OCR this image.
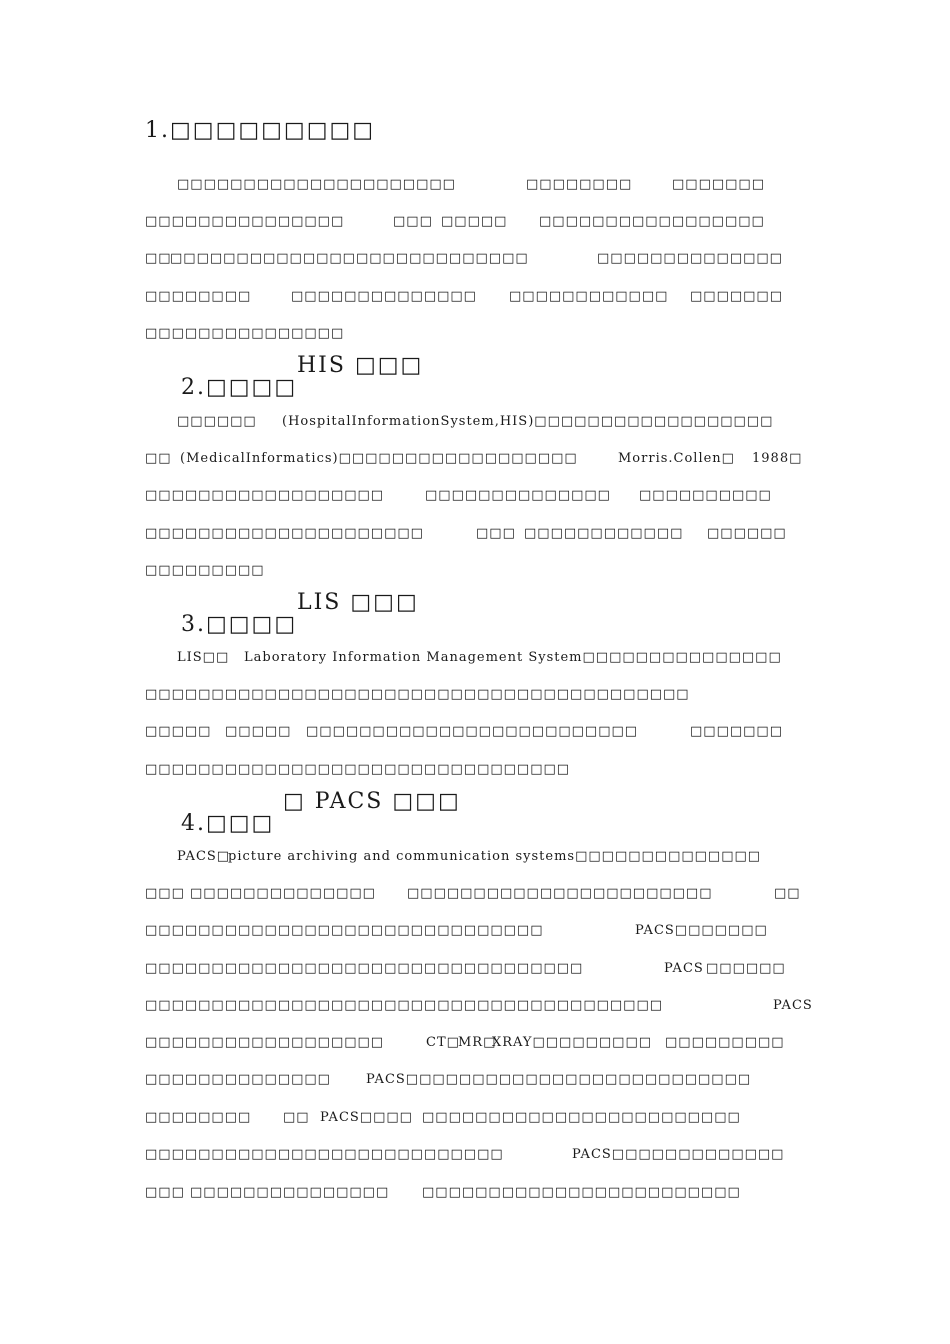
1.□□□□□□□□□
□□□□□□□□□□□□□□□□□□□□□	□□□□□□□□	□□□□□□□
□□□□□□□□□□□□□□□	□□□ □□□□□ □□□□□□□□□□□□□□□□□
□□
□□□□□□□□□□□□□□□□□□□□□□□□□□□	□□□□□□□□□□□□□□
□□□□□□□□	□□□□□□□□□□□□□□ □□□□□□□□□□□□ □□□□□□□
□□□□□□□□□□□□□□□

2.□□□□

HIS □□□
□□□□□□ (HospitalInformationSystem,HIS)□□□□□□□□□□□□□□□□□□
□□ (MedicalInformatics)□□□□□□□□□□□□□□□□□□	Morris.Collen□ 1988□
□□□□□□□□□□□□□□□□□□	□□□□□□□□□□□□□□ □□□□□□□□□□
□□□□□□□□□□□□□□□□□□□□□	□□□ □□□□□□□□□□□□ □□□□□□
□□□□□□□□□

3.□□□□

LIS □□□
LIS□□ Laboratory Information Management System□□□□□□□□□□□□□□□
□□□□□□□□□□□□□□□□□□□□□□□□□□□□□□□□□□□□□□□□□
□□□□□ □□□□□ □□□□□□□□□□□□□□□□□□□□□□□□□	□□□□□□□
□□□□□□□□□□□□□□□□□□□□□□□□□□□□□□□□

4.□□□

□ PACS □□□
PACS□
picture archiving and communication systems□□□□□□□□□□□□□□
□□□ □□□□□□□□□□□□□□ □□□□□□□□□□□□□□□□□□□□□□□	□□
□□□□□□□□□□□□□□□□□□□□□□□□□□□□□□	PACS□□□□□□□
□□□□□□□□□□□□□□□□□□□□□□□□□□□□□□□□□	PACS □□□□□□
□□□□□□□□□□□□□□□□□□□□□□□□□□□□□□□□□□□□□□□	PACS
□□□□□□□□□□□□□□□□□□	CT□
MR□
XRAY□□□□□□□□□ □□□□□□□□□
□□□□□□□□□□□□□□	PACS□□□□□□□□□□□□□□□□□□□□□□□□□□
□□□□□□□□ □□ PACS□□□□ □□□□□□□□□□□□□□□□□□□□□□□□
□□□□□□□□□□□□□□□□□□□□□□□□□□□	PACS□□□□□□□□□□□□□
□□□ □□□□□□□□□□□□□□□	□□□□□□□□□□□□□□□□□□□□□□□□
